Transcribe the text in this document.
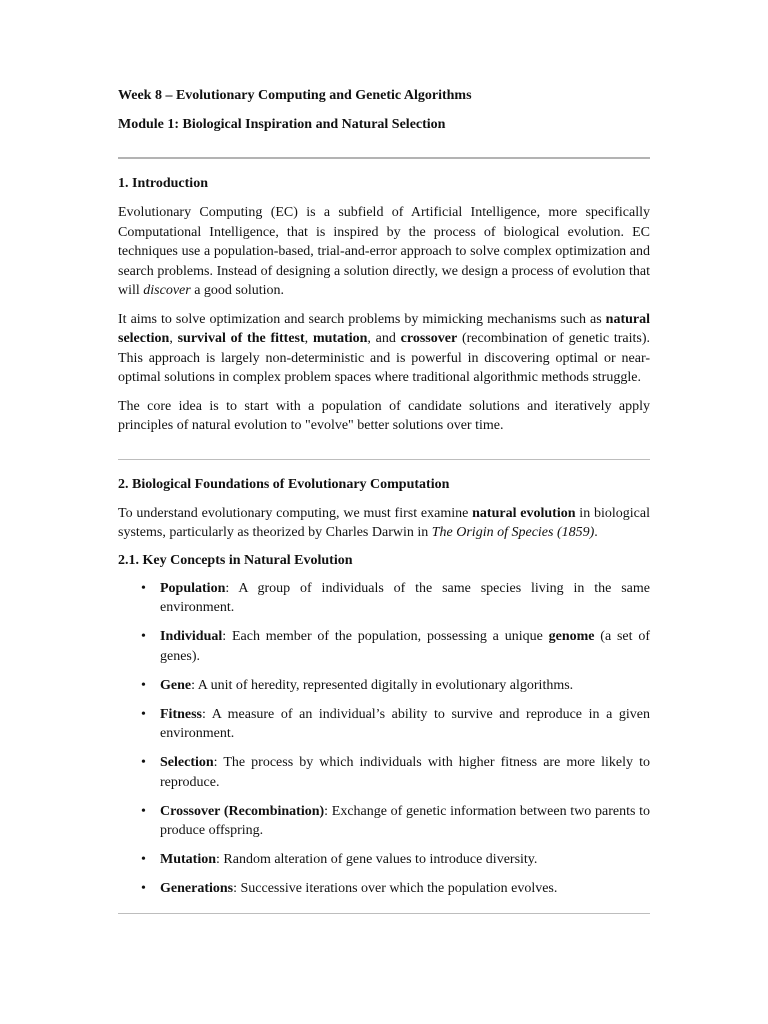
Week 8 – Evolutionary Computing and Genetic Algorithms

Module 1: Biological Inspiration and Natural Selection

1. Introduction

Evolutionary Computing (EC) is a subfield of Artificial Intelligence, more specifically Computational Intelligence, that is inspired by the process of biological evolution. EC techniques use a population-based, trial-and-error approach to solve complex optimization and search problems. Instead of designing a solution directly, we design a process of evolution that will discover a good solution.

It aims to solve optimization and search problems by mimicking mechanisms such as natural selection, survival of the fittest, mutation, and crossover (recombination of genetic traits). This approach is largely non-deterministic and is powerful in discovering optimal or near-optimal solutions in complex problem spaces where traditional algorithmic methods struggle.

The core idea is to start with a population of candidate solutions and iteratively apply principles of natural evolution to "evolve" better solutions over time.

2. Biological Foundations of Evolutionary Computation

To understand evolutionary computing, we must first examine natural evolution in biological systems, particularly as theorized by Charles Darwin in The Origin of Species (1859).

2.1. Key Concepts in Natural Evolution

• Population: A group of individuals of the same species living in the same environment.
• Individual: Each member of the population, possessing a unique genome (a set of genes).
• Gene: A unit of heredity, represented digitally in evolutionary algorithms.
• Fitness: A measure of an individual’s ability to survive and reproduce in a given environment.
• Selection: The process by which individuals with higher fitness are more likely to reproduce.
• Crossover (Recombination): Exchange of genetic information between two parents to produce offspring.
• Mutation: Random alteration of gene values to introduce diversity.
• Generations: Successive iterations over which the population evolves.
